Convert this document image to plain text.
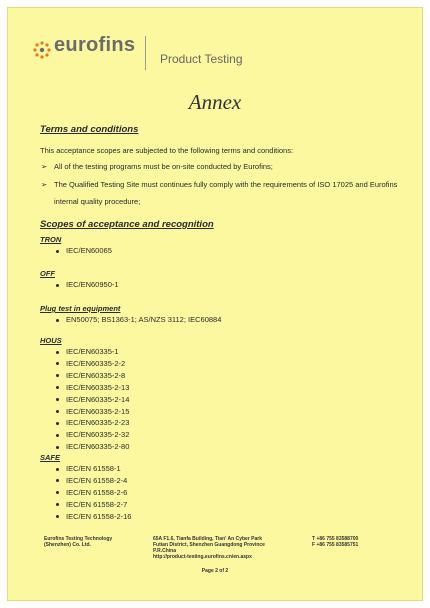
eurofins
Product Testing
Annex
Terms and conditions
This acceptance scopes are subjected to the following terms and conditions:
➢ All of the testing programs must be on-site conducted by Eurofins;
➢ The Qualified Testing Site must continues fully comply with the requirements of ISO 17025 and Eurofins internal quality procedure;
Scopes of acceptance and recognition
TRON
IEC/EN60065
OFF
IEC/EN60950-1
Plug test in equipment
EN50075; BS1363-1; AS/NZS 3112; IEC60884
HOUS
IEC/EN60335-1
IEC/EN60335-2-2
IEC/EN60335-2-8
IEC/EN60335-2-13
IEC/EN60335-2-14
IEC/EN60335-2-15
IEC/EN60335-2-23
IEC/EN60335-2-32
IEC/EN60335-2-80
SAFE
IEC/EN 61558-1
IEC/EN 61558-2-4
IEC/EN 61558-2-6
IEC/EN 61558-2-7
IEC/EN 61558-2-16
Eurofins Testing Technology
(Shenzhen) Co. Ltd.
65A F1.6, Tianfa Building, Tian' An Cyber Park
Futian District, Shenzhen Guangdong Province
P.R.China
http://product-testing.eurofins.cn/en.aspx
T +86 755 83588700
F +86 755 83585751
Page 2 of 2
